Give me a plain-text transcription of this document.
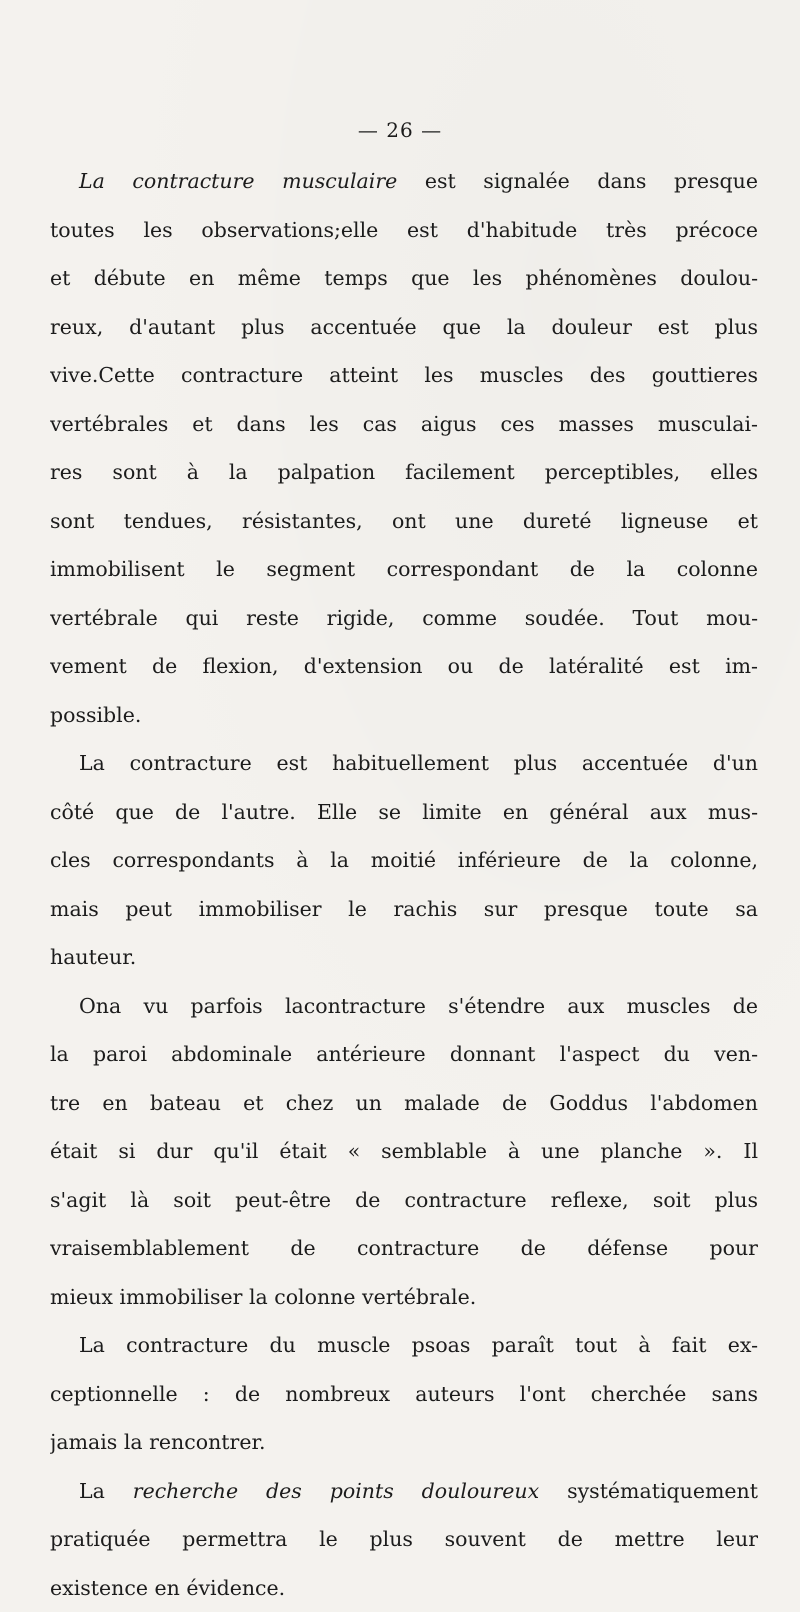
— 26 —
La contracture musculaire est signalée dans presque
toutes les observations;elle est d'habitude très précoce
et débute en même temps que les phénomènes doulou-
reux, d'autant plus accentuée que la douleur est plus
vive.Cette contracture atteint les muscles des gouttieres
vertébrales et dans les cas aigus ces masses musculai-
res sont à la palpation facilement perceptibles, elles
sont tendues, résistantes, ont une dureté ligneuse et
immobilisent le segment correspondant de la colonne
vertébrale qui reste rigide, comme soudée. Tout mou-
vement de flexion, d'extension ou de latéralité est im-
possible.
La contracture est habituellement plus accentuée d'un
côté que de l'autre. Elle se limite en général aux mus-
cles correspondants à la moitié inférieure de la colonne,
mais peut immobiliser le rachis sur presque toute sa
hauteur.
Ona vu parfois lacontracture s'étendre aux muscles de
la paroi abdominale antérieure donnant l'aspect du ven-
tre en bateau et chez un malade de Goddus l'abdomen
était si dur qu'il était « semblable à une planche ». Il
s'agit là soit peut-être de contracture reflexe, soit plus
vraisemblablement de contracture de défense pour
mieux immobiliser la colonne vertébrale.
La contracture du muscle psoas paraît tout à fait ex-
ceptionnelle : de nombreux auteurs l'ont cherchée sans
jamais la rencontrer.
La recherche des points douloureux systématiquement
pratiquée permettra le plus souvent de mettre leur
existence en évidence.
